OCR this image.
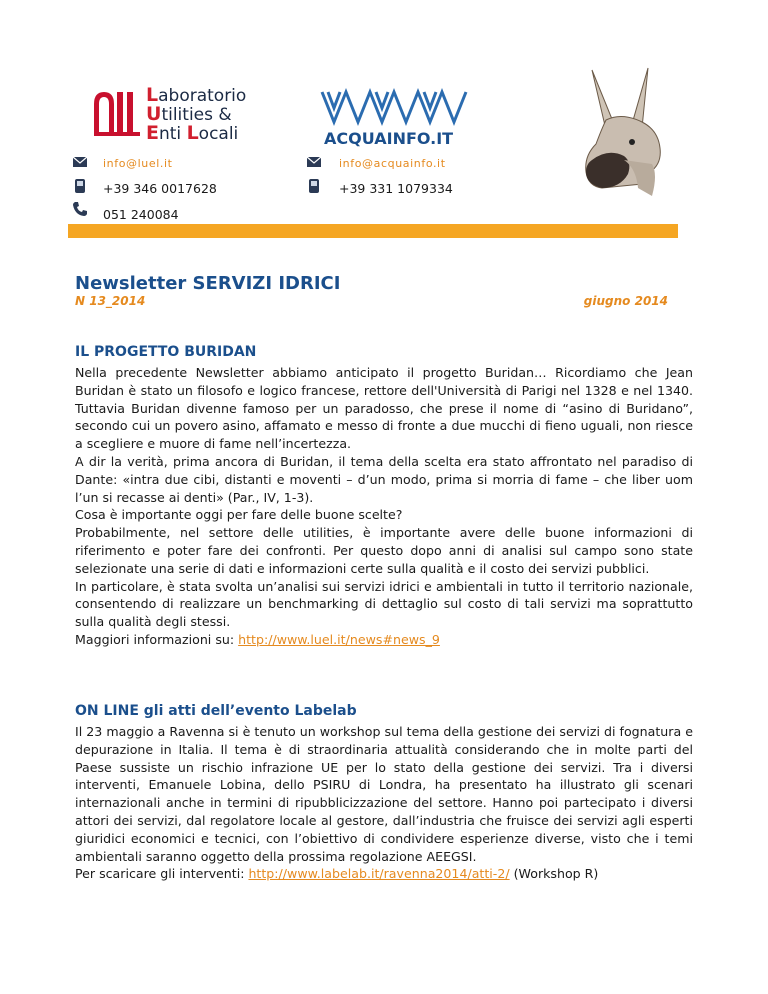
Laboratorio
Utilities &
Enti Locali	ACQUAINFO.IT
info@luel.it	info@acquainfo.it
+39 346 0017628	+39 331 1079334
051 240084
Newsletter SERVIZI IDRICI
N 13_2014	giugno 2014
IL PROGETTO BURIDAN

Nella precedente Newsletter abbiamo anticipato il progetto Buridan… Ricordiamo che Jean Buridan è stato un filosofo e logico francese, rettore dell'Università di Parigi nel 1328 e nel 1340. Tuttavia Buridan divenne famoso per un paradosso, che prese il nome di “asino di Buridano”, secondo cui un povero asino, affamato e messo di fronte a due mucchi di fieno uguali, non riesce a scegliere e muore di fame nell’incertezza.

A dir la verità, prima ancora di Buridan, il tema della scelta era stato affrontato nel paradiso di Dante: «intra due cibi, distanti e moventi – d’un modo, prima si morria di fame – che liber uom l’un si recasse ai denti» (Par., IV, 1-3).

Cosa è importante oggi per fare delle buone scelte?

Probabilmente, nel settore delle utilities, è importante avere delle buone informazioni di riferimento e poter fare dei confronti. Per questo dopo anni di analisi sul campo sono state selezionate una serie di dati e informazioni certe sulla qualità e il costo dei servizi pubblici.

In particolare, è stata svolta un’analisi sui servizi idrici e ambientali in tutto il territorio nazionale, consentendo di realizzare un benchmarking di dettaglio sul costo di tali servizi ma soprattutto sulla qualità degli stessi.

Maggiori informazioni su: http://www.luel.it/news#news_9

ON LINE gli atti dell’evento Labelab

Il 23 maggio a Ravenna si è tenuto un workshop sul tema della gestione dei servizi di fognatura e depurazione in Italia. Il tema è di straordinaria attualità considerando che in molte parti del Paese sussiste un rischio infrazione UE per lo stato della gestione dei servizi. Tra i diversi interventi, Emanuele Lobina, dello PSIRU di Londra, ha presentato ha illustrato gli scenari internazionali anche in termini di ripubblicizzazione del settore. Hanno poi partecipato i diversi attori dei servizi, dal regolatore locale al gestore, dall’industria che fruisce dei servizi agli esperti giuridici economici e tecnici, con l’obiettivo di condividere esperienze diverse, visto che i temi ambientali saranno oggetto della prossima regolazione AEEGSI.

Per scaricare gli interventi: http://www.labelab.it/ravenna2014/atti-2/ (Workshop R)
